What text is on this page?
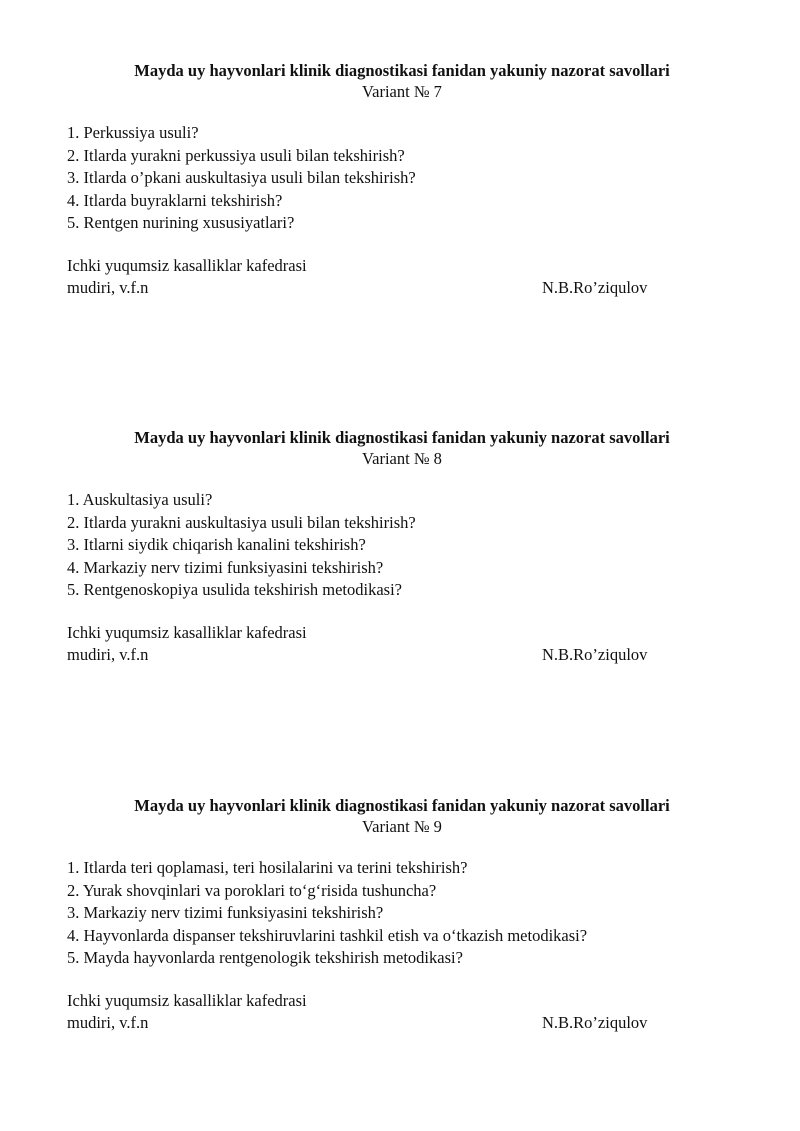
Mayda uy hayvonlari klinik diagnostikasi fanidan yakuniy nazorat savollari

Variant № 7

1. Perkussiya usuli?
2. Itlarda yurakni perkussiya usuli bilan tekshirish?
3. Itlarda o’pkani auskultasiya usuli bilan tekshirish?
4. Itlarda buyraklarni tekshirish?
5. Rentgen nurining xususiyatlari?
Ichki yuqumsiz kasalliklar kafedrasi
mudiri, v.f.n	N.B.Ro’ziqulov

Mayda uy hayvonlari klinik diagnostikasi fanidan yakuniy nazorat savollari

Variant № 8

1. Auskultasiya usuli?
2. Itlarda yurakni auskultasiya usuli bilan tekshirish?
3. Itlarni siydik chiqarish kanalini tekshirish?
4. Markaziy nerv tizimi funksiyasini tekshirish?
5. Rentgenoskopiya usulida tekshirish metodikasi?
Ichki yuqumsiz kasalliklar kafedrasi
mudiri, v.f.n	N.B.Ro’ziqulov

Mayda uy hayvonlari klinik diagnostikasi fanidan yakuniy nazorat savollari

Variant № 9

1. Itlarda teri qoplamasi, teri hosilalarini va terini tekshirish?
2. Yurak shovqinlari va poroklari to‘g‘risida tushuncha?
3. Markaziy nerv tizimi funksiyasini tekshirish?
4. Hayvonlarda dispanser tekshiruvlarini tashkil etish va o‘tkazish metodikasi?
5. Mayda hayvonlarda rentgenologik tekshirish metodikasi?
Ichki yuqumsiz kasalliklar kafedrasi
mudiri, v.f.n	N.B.Ro’ziqulov
